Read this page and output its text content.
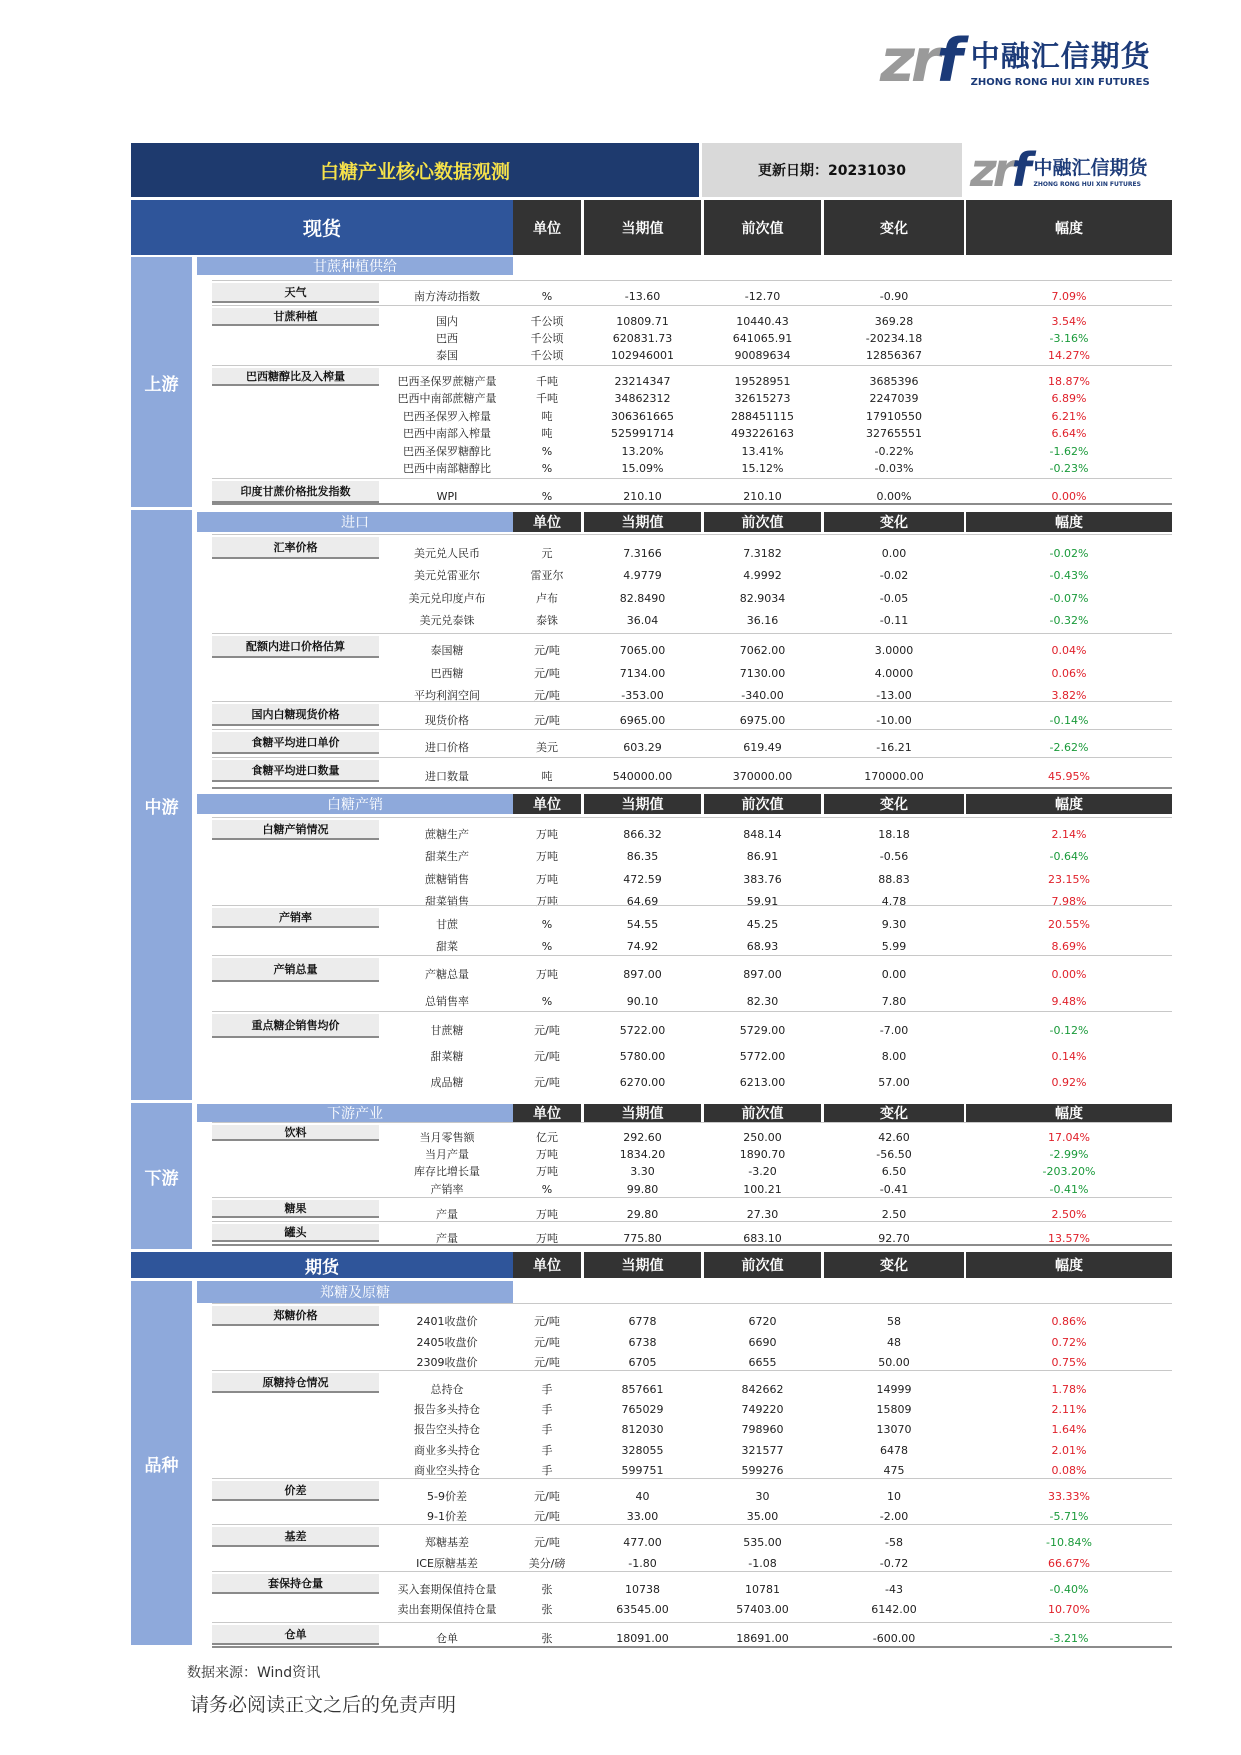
zrf 中融汇信期货
ZHONG RONG HUI XIN FUTURES
白糖产业核心数据观测	更新日期：20231030	zrf 中融汇信期货
ZHONG RONG HUI XIN FUTURES
现货	单位	当期值	前次值	变化	幅度
单位	当期值	前次值	变化	幅度
单位	当期值	前次值	变化	幅度
单位	当期值	前次值	变化	幅度
单位	当期值	前次值	变化	幅度
天气	南方涛动指数	%	-13.60	-12.70	-0.90	7.09%
甘蔗种植	国内	千公顷	10809.71	10440.43	369.28	3.54%
巴西	千公顷	620831.73	641065.91	-20234.18	-3.16%
泰国	千公顷	102946001	90089634	12856367	14.27%
巴西糖醇比及入榨量	巴西圣保罗蔗糖产量	千吨	23214347	19528951	3685396	18.87%
巴西中南部蔗糖产量	千吨	34862312	32615273	2247039	6.89%
巴西圣保罗入榨量	吨	306361665	288451115	17910550	6.21%
巴西中南部入榨量	吨	525991714	493226163	32765551	6.64%
巴西圣保罗糖醇比	%	13.20%	13.41%	-0.22%	-1.62%
巴西中南部糖醇比	%	15.09%	15.12%	-0.03%	-0.23%
印度甘蔗价格批发指数	WPI	%	210.10	210.10	0.00%	0.00%
汇率价格	美元兑人民币	元	7.3166	7.3182	0.00	-0.02%
美元兑雷亚尔	雷亚尔	4.9779	4.9992	-0.02	-0.43%
美元兑印度卢布	卢布	82.8490	82.9034	-0.05	-0.07%
美元兑泰铢	泰铢	36.04	36.16	-0.11	-0.32%
配额内进口价格估算	泰国糖	元/吨	7065.00	7062.00	3.0000	0.04%
巴西糖	元/吨	7134.00	7130.00	4.0000	0.06%
平均利润空间	元/吨	-353.00	-340.00	-13.00	3.82%
国内白糖现货价格	现货价格	元/吨	6965.00	6975.00	-10.00	-0.14%
食糖平均进口单价	进口价格	美元	603.29	619.49	-16.21	-2.62%
食糖平均进口数量	进口数量	吨	540000.00	370000.00	170000.00	45.95%
白糖产销情况	蔗糖生产	万吨	866.32	848.14	18.18	2.14%
甜菜生产	万吨	86.35	86.91	-0.56	-0.64%
蔗糖销售	万吨	472.59	383.76	88.83	23.15%
甜菜销售	万吨	64.69	59.91	4.78	7.98%
产销率
甘蔗	%	54.55	45.25	9.30	20.55%
甜菜	%	74.92	68.93	5.99	8.69%
产销总量	产糖总量	万吨	897.00	897.00	0.00	0.00%
总销售率	%	90.10	82.30	7.80	9.48%
重点糖企销售均价	甘蔗糖	元/吨	5722.00	5729.00	-7.00	-0.12%
甜菜糖	元/吨	5780.00	5772.00	8.00	0.14%
成品糖	元/吨	6270.00	6213.00	57.00	0.92%
饮料	当月零售额	亿元	292.60	250.00	42.60	17.04%
当月产量	万吨	1834.20	1890.70	-56.50	-2.99%
库存比增长量	万吨	3.30	-3.20	6.50	-203.20%
产销率	%	99.80	100.21	-0.41	-0.41%
糖果	产量	万吨	29.80	27.30	2.50	2.50%
罐头	产量	万吨	775.80	683.10	92.70	13.57%
郑糖价格	2401收盘价	元/吨	6778	6720	58	0.86%
2405收盘价	元/吨	6738	6690	48	0.72%
2309收盘价	元/吨	6705	6655	50.00	0.75%
原糖持仓情况
总持仓	手	857661	842662	14999	1.78%
报告多头持仓	手	765029	749220	15809	2.11%
报告空头持仓	手	812030	798960	13070	1.64%
商业多头持仓	手	328055	321577	6478	2.01%
商业空头持仓	手	599751	599276	475	0.08%
价差	5-9价差	元/吨	40	30	10	33.33%
9-1价差	元/吨	33.00	35.00	-2.00	-5.71%
基差	郑糖基差	元/吨	477.00	535.00	-58	-10.84%
ICE原糖基差	美分/磅	-1.80	-1.08	-0.72	66.67%
套保持仓量	买入套期保值持仓量	张	10738	10781	-43	-0.40%
卖出套期保值持仓量	张	63545.00	57403.00	6142.00	10.70%
仓单	仓单	张	18091.00	18691.00	-600.00	-3.21%
期货
上游
中游
下游
品种
甘蔗种植供给
进口
白糖产销
下游产业
郑糖及原糖
数据来源：Wind资讯
请务必阅读正文之后的免责声明
